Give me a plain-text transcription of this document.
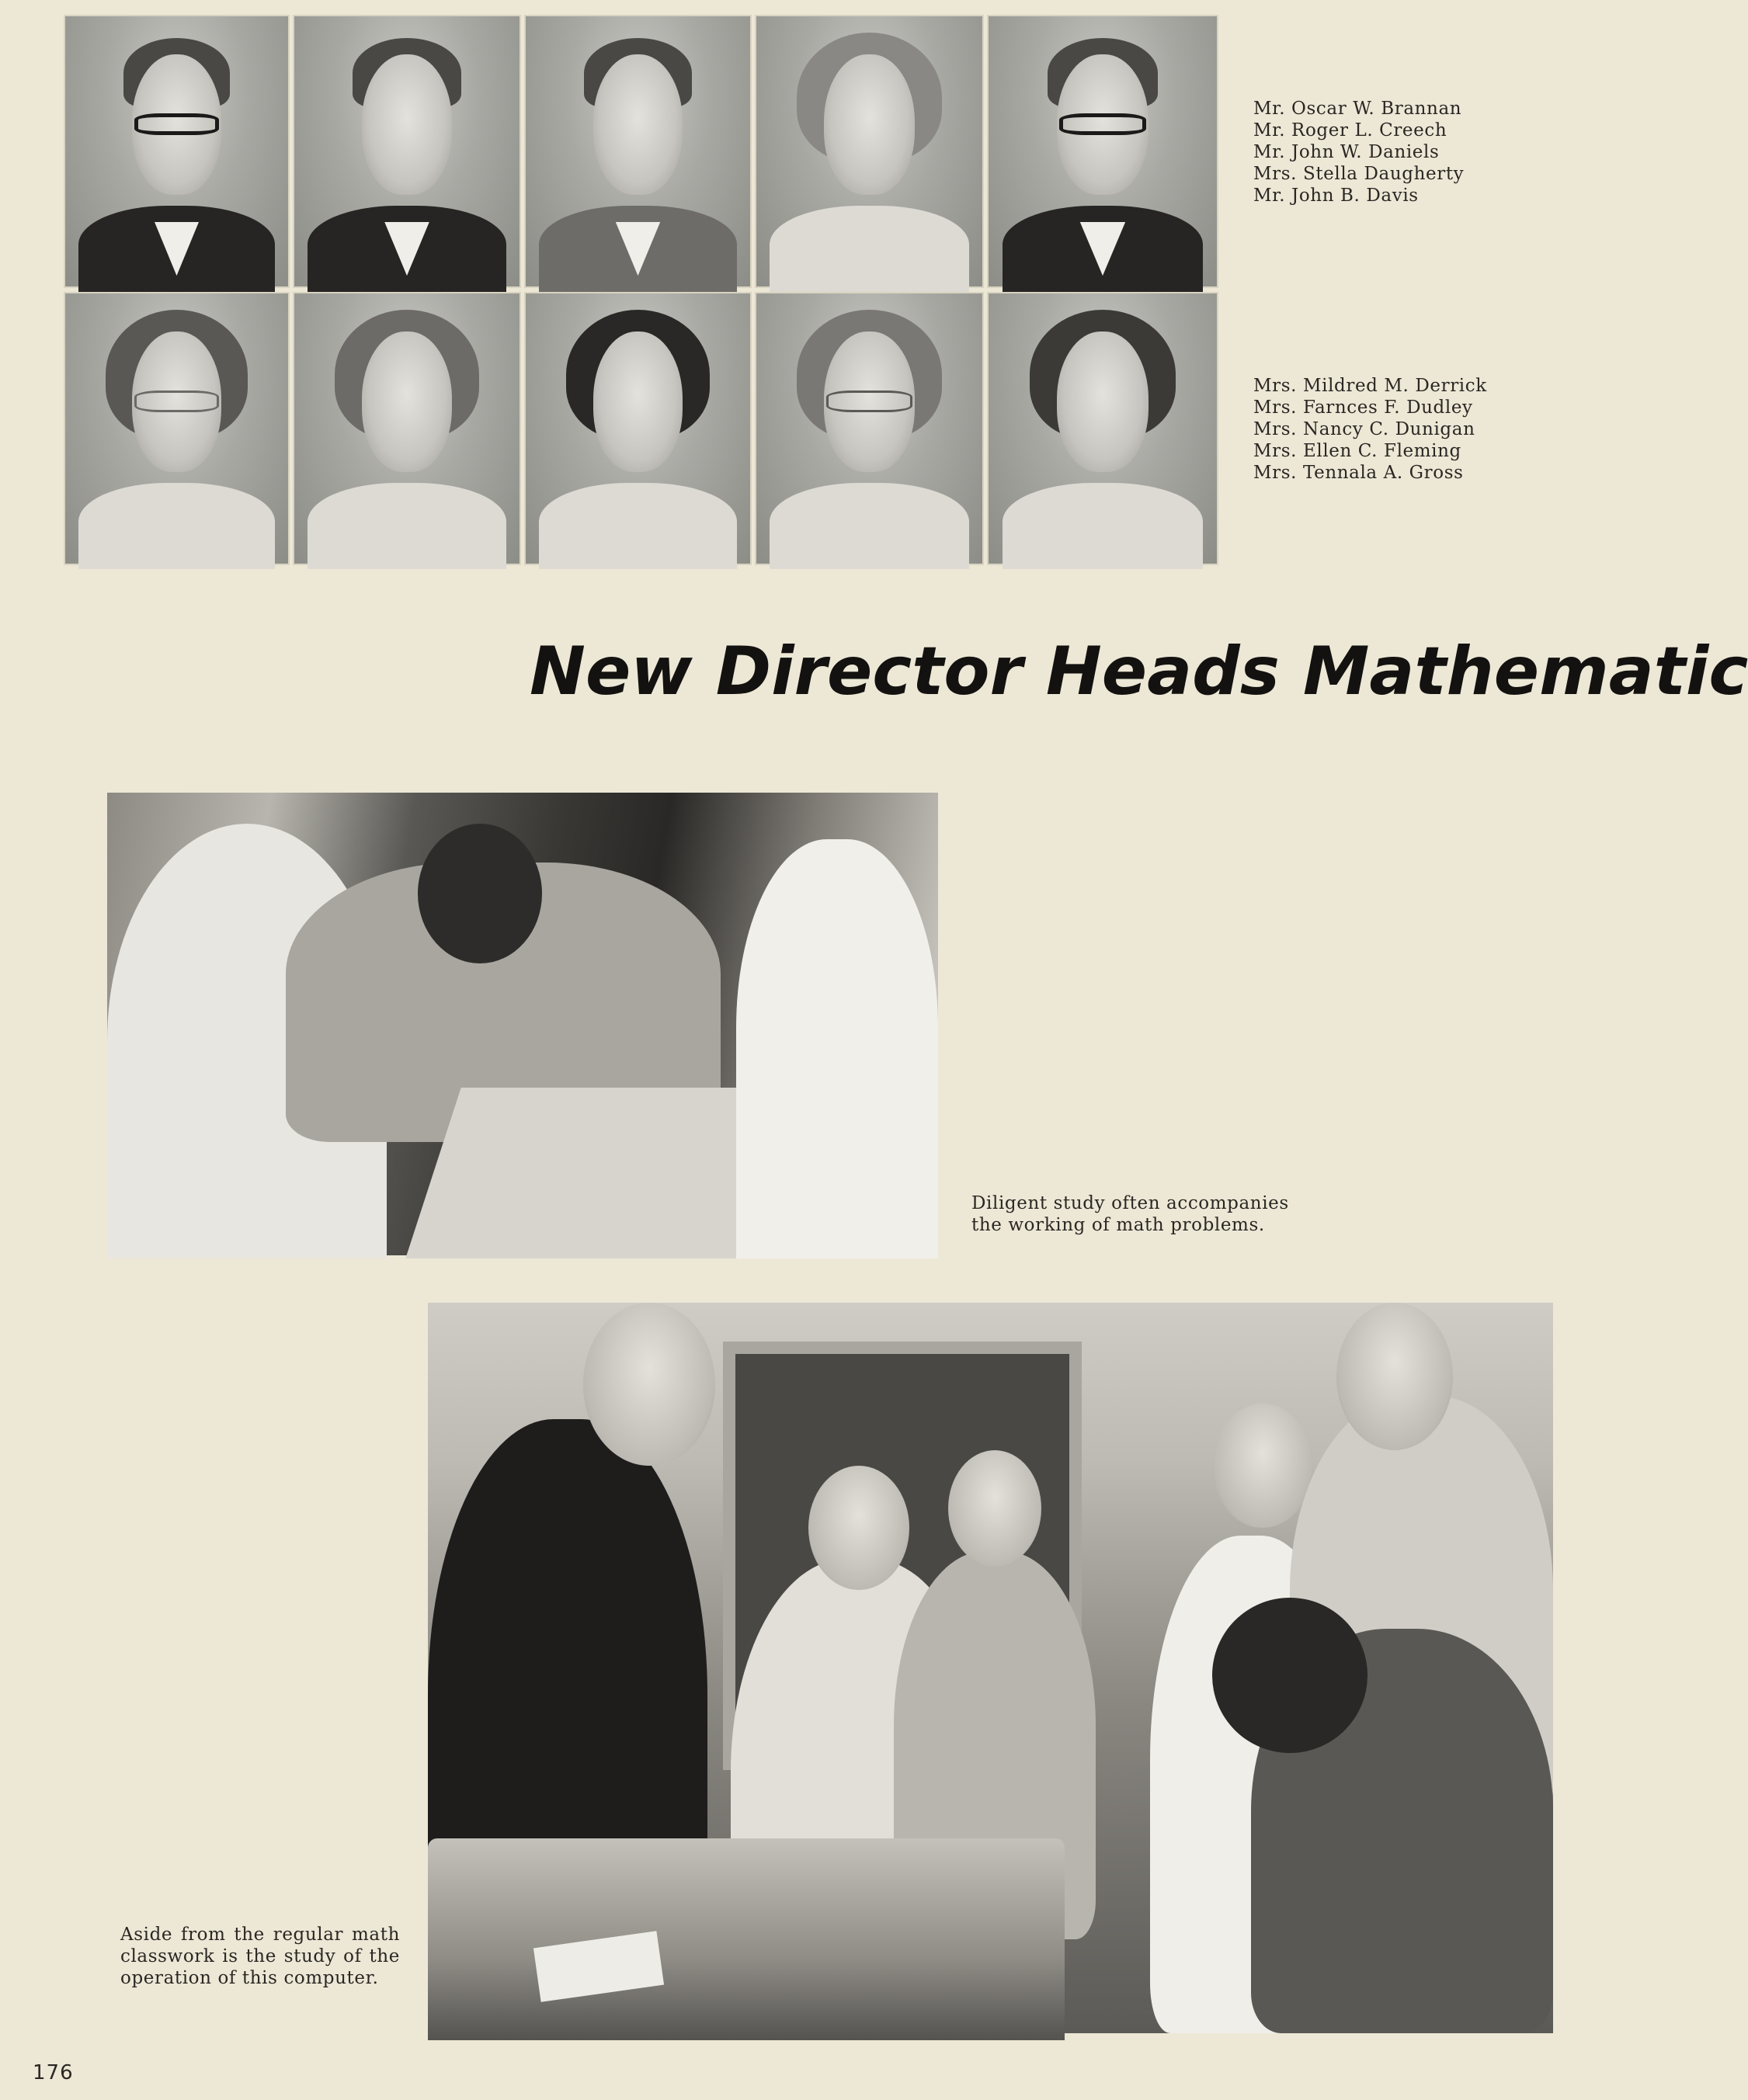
Mr. Oscar W. Brannan
Mr. Roger L. Creech
Mr. John W. Daniels
Mrs. Stella Daugherty
Mr. John B. Davis
Mrs. Mildred M. Derrick
Mrs. Farnces F. Dudley
Mrs. Nancy C. Dunigan
Mrs. Ellen C. Fleming
Mrs. Tennala A. Gross
New Director Heads Mathematic
Diligent study often accompanies
the working of math problems.
Aside from the regular math classwork is the study of the operation of this computer.
176
